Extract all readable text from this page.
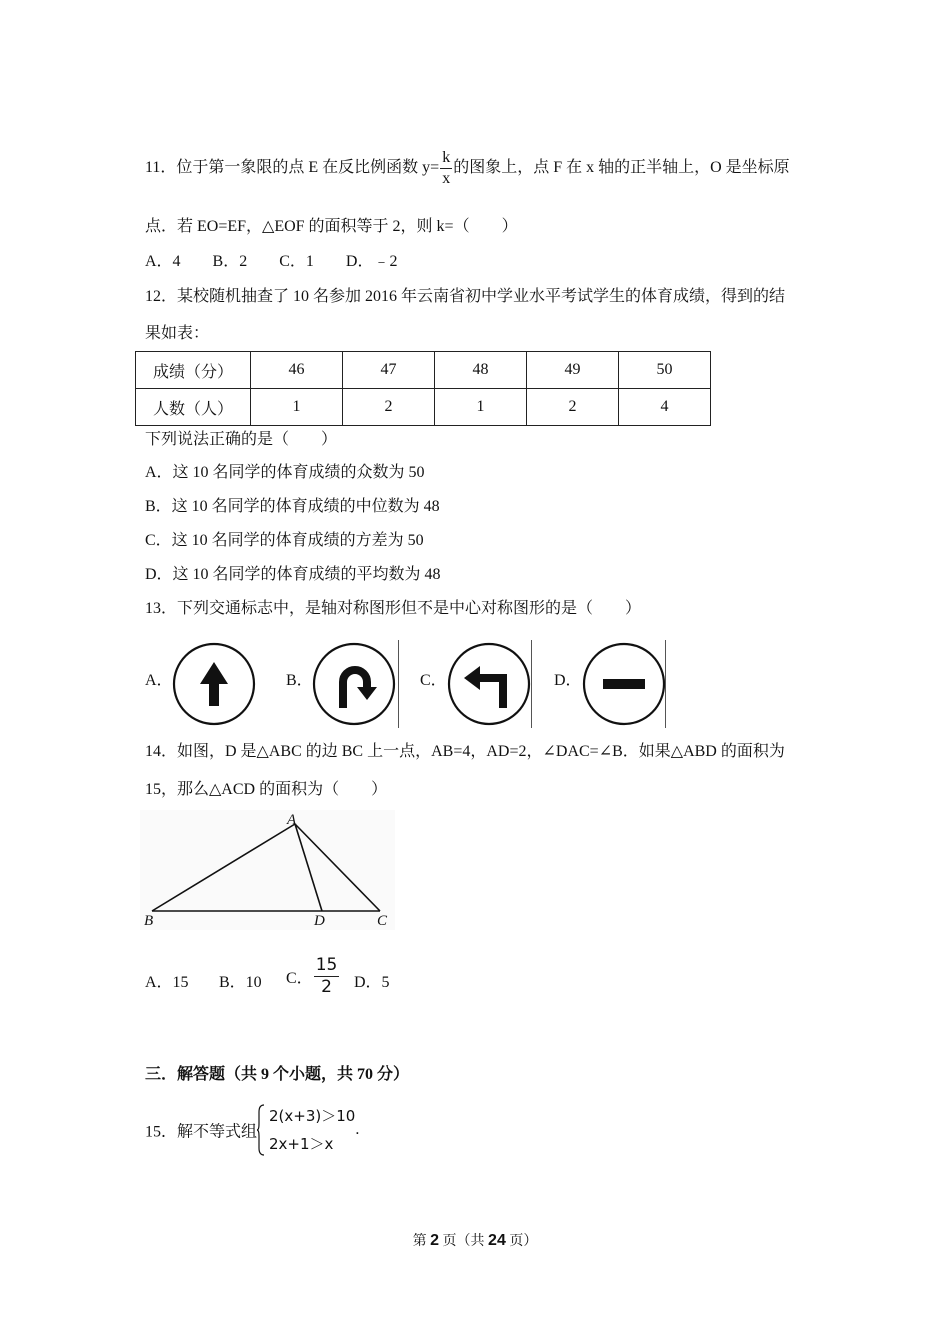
11．位于第一象限的点 E 在反比例函数 $y= \frac{k}{x}$ 的图象上，点 F 在 x 轴的正半轴上，O 是坐标原
点．若 EO=EF，△EOF 的面积等于 2，则 k=（　　）
A．4　　B．2　　C．1　　D．﹣2
12．某校随机抽查了 10 名参加 2016 年云南省初中学业水平考试学生的体育成绩，得到的结
果如表：
成绩（分）	46	47	48	49	50
人数（人）	1	2	1	2	4
下列说法正确的是（　　）
A．这 10 名同学的体育成绩的众数为 50
B．这 10 名同学的体育成绩的中位数为 48
C．这 10 名同学的体育成绩的方差为 50
D．这 10 名同学的体育成绩的平均数为 48
13．下列交通标志中，是轴对称图形但不是中心对称图形的是（　　）
A．	B．	C．	D．
14．如图，D 是△ABC 的边 BC 上一点，AB=4，AD=2，∠DAC=∠B．如果△ABD 的面积为
15，那么△ACD 的面积为（　　）
A
B	D	C
A．15 B．10 C． $\frac{15}{2}$ D．5
三．解答题（共 9 个小题，共 70 分）
15．解不等式组
2(x+3)＞10
2x+1＞x
.
第 2 页（共 24 页）
